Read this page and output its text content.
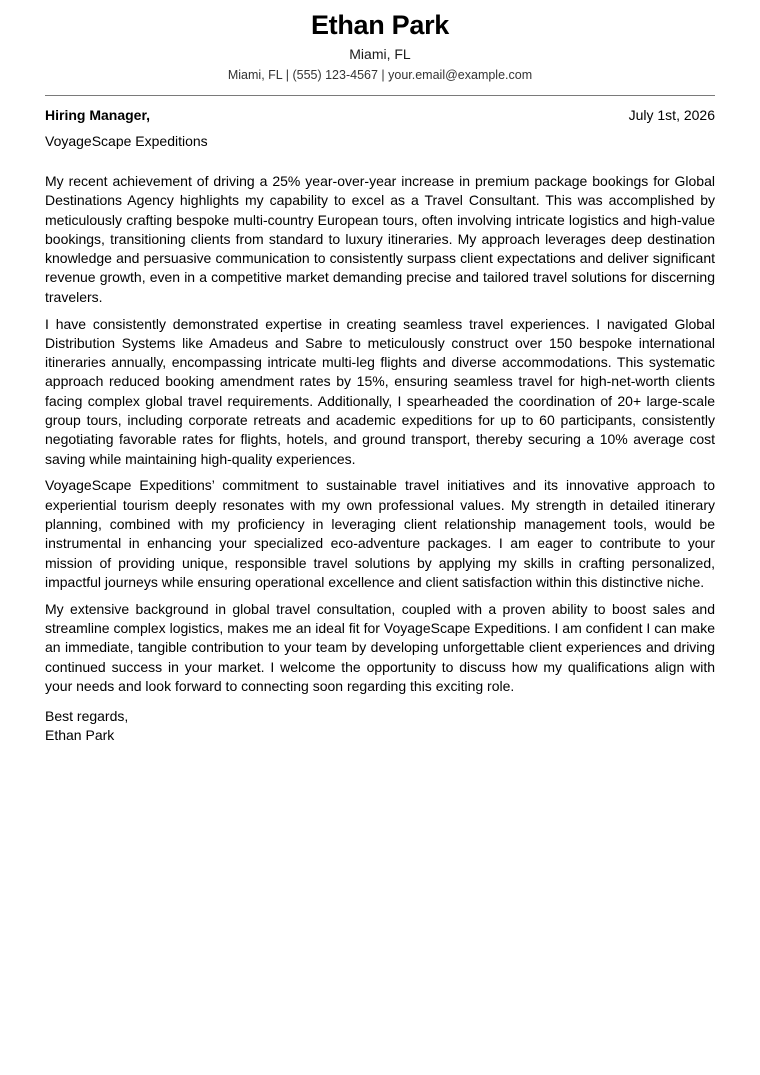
Ethan Park
Miami, FL
Miami, FL | (555) 123-4567 | your.email@example.com
Hiring Manager,	July 1st, 2026
VoyageScape Expeditions

My recent achievement of driving a 25% year-over-year increase in premium package bookings for Global Destinations Agency highlights my capability to excel as a Travel Consultant. This was accomplished by meticulously crafting bespoke multi-country European tours, often involving intricate logistics and high-value bookings, transitioning clients from standard to luxury itineraries. My approach leverages deep destination knowledge and persuasive communication to consistently surpass client expectations and deliver significant revenue growth, even in a competitive market demanding precise and tailored travel solutions for discerning travelers.

I have consistently demonstrated expertise in creating seamless travel experiences. I navigated Global Distribution Systems like Amadeus and Sabre to meticulously construct over 150 bespoke international itineraries annually, encompassing intricate multi-leg flights and diverse accommodations. This systematic approach reduced booking amendment rates by 15%, ensuring seamless travel for high-net-worth clients facing complex global travel requirements. Additionally, I spearheaded the coordination of 20+ large-scale group tours, including corporate retreats and academic expeditions for up to 60 participants, consistently negotiating favorable rates for flights, hotels, and ground transport, thereby securing a 10% average cost saving while maintaining high-quality experiences.

VoyageScape Expeditions’ commitment to sustainable travel initiatives and its innovative approach to experiential tourism deeply resonates with my own professional values. My strength in detailed itinerary planning, combined with my proficiency in leveraging client relationship management tools, would be instrumental in enhancing your specialized eco-adventure packages. I am eager to contribute to your mission of providing unique, responsible travel solutions by applying my skills in crafting personalized, impactful journeys while ensuring operational excellence and client satisfaction within this distinctive niche.

My extensive background in global travel consultation, coupled with a proven ability to boost sales and streamline complex logistics, makes me an ideal fit for VoyageScape Expeditions. I am confident I can make an immediate, tangible contribution to your team by developing unforgettable client experiences and driving continued success in your market. I welcome the opportunity to discuss how my qualifications align with your needs and look forward to connecting soon regarding this exciting role.

Best regards,
Ethan Park
